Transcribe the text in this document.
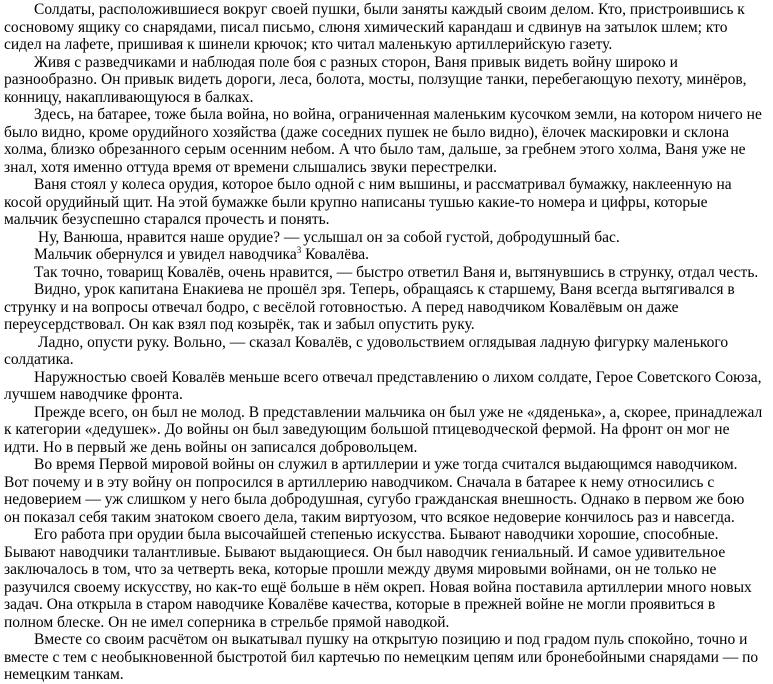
Солдаты, расположившиеся вокруг своей пушки, были заняты каждый своим делом. Кто, пристроившись к сосновому ящику со снарядами, писал письмо, слюня химический карандаш и сдвинув на затылок шлем; кто сидел на лафете, пришивая к шинели крючок; кто читал маленькую артиллерийскую газету.

Живя с разведчиками и наблюдая поле боя с разных сторон, Ваня привык видеть войну широко и разнообразно. Он привык видеть дороги, леса, болота, мосты, ползущие танки, перебегающую пехоту, минёров, конницу, накапливающуюся в балках.

Здесь, на батарее, тоже была война, но война, ограниченная маленьким кусочком земли, на котором ничего не было видно, кроме орудийного хозяйства (даже соседних пушек не было видно), ёлочек маскировки и склона холма, близко обрезанного серым осенним небом. А что было там, дальше, за гребнем этого холма, Ваня уже не знал, хотя именно оттуда время от времени слышались звуки перестрелки.

Ваня стоял у колеса орудия, которое было одной с ним вышины, и рассматривал бумажку, наклеенную на косой орудийный щит. На этой бумажке были крупно написаны тушью какие-то номера и цифры, которые мальчик безуспешно старался прочесть и понять.

Ну, Ванюша, нравится наше орудие? — услышал он за собой густой, добродушный бас.

Мальчик обернулся и увидел наводчика$^3$ Ковалёва.

Так точно, товарищ Ковалёв, очень нравится, — быстро ответил Ваня и, вытянувшись в струнку, отдал честь.

Видно, урок капитана Енакиева не прошёл зря. Теперь, обращаясь к старшему, Ваня всегда вытягивался в струнку и на вопросы отвечал бодро, с весёлой готовностью. А перед наводчиком Ковалёвым он даже переусердствовал. Он как взял под козырёк, так и забыл опустить руку.

Ладно, опусти руку. Вольно, — сказал Ковалёв, с удовольствием оглядывая ладную фигурку маленького солдатика.

Наружностью своей Ковалёв меньше всего отвечал представлению о лихом солдате, Герое Советского Союза, лучшем наводчике фронта.

Прежде всего, он был не молод. В представлении мальчика он был уже не «дяденька», а, скорее, принадлежал к категории «дедушек». До войны он был заведующим большой птицеводческой фермой. На фронт он мог не идти. Но в первый же день войны он записался добровольцем.

Во время Первой мировой войны он служил в артиллерии и уже тогда считался выдающимся наводчиком. Вот почему и в эту войну он попросился в артиллерию наводчиком. Сначала в батарее к нему относились с недоверием — уж слишком у него была добродушная, сугубо гражданская внешность. Однако в первом же бою он показал себя таким знатоком своего дела, таким виртуозом, что всякое недоверие кончилось раз и навсегда.

Его работа при орудии была высочайшей степенью искусства. Бывают наводчики хорошие, способные. Бывают наводчики талантливые. Бывают выдающиеся. Он был наводчик гениальный. И самое удивительное заключалось в том, что за четверть века, которые прошли между двумя мировыми войнами, он не только не разучился своему искусству, но как-то ещё больше в нём окреп. Новая война поставила артиллерии много новых задач. Она открыла в старом наводчике Ковалёве качества, которые в прежней войне не могли проявиться в полном блеске. Он не имел соперника в стрельбе прямой наводкой.

Вместе со своим расчётом он выкатывал пушку на открытую позицию и под градом пуль спокойно, точно и вместе с тем с необыкновенной быстротой бил картечью по немецким цепям или бронебойными снарядами — по немецким танкам.
